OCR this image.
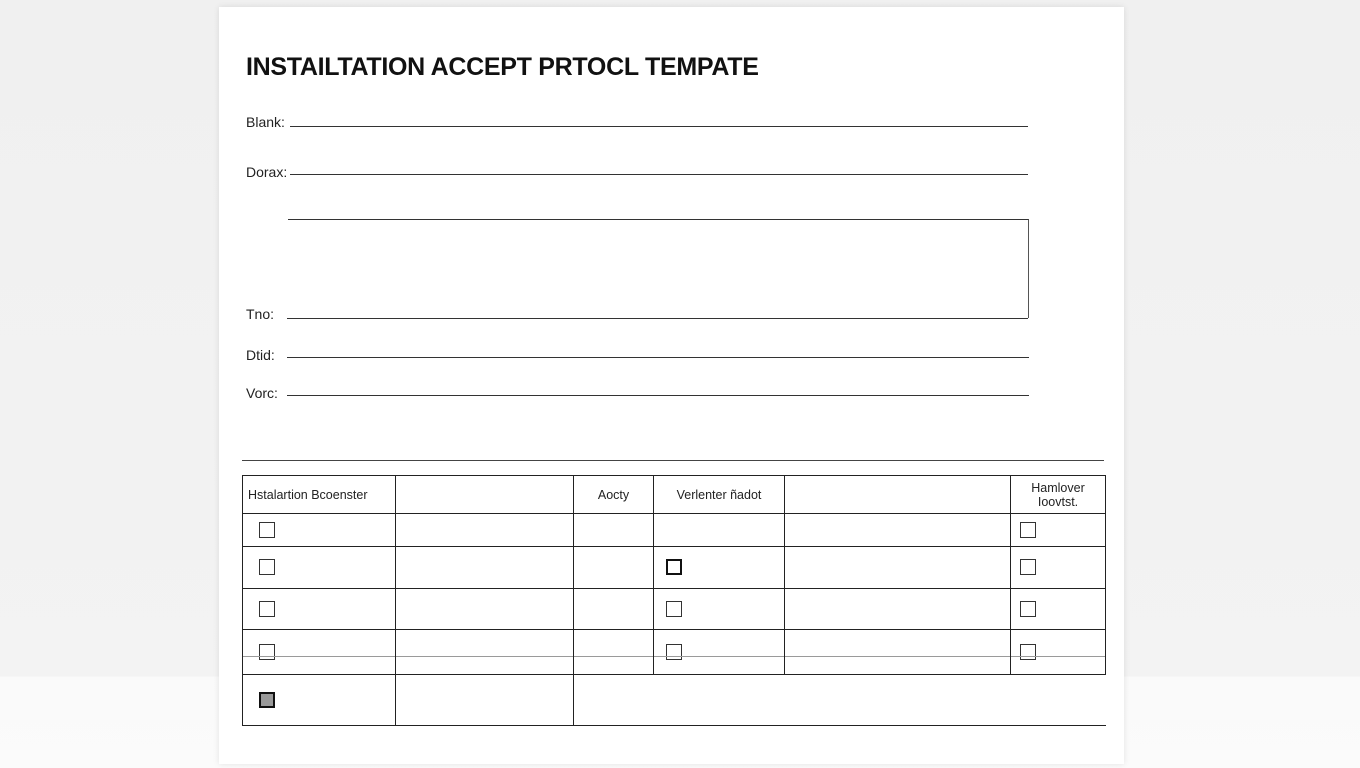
INSTAILTATION ACCEPT PRTOCL TEMPATE
Blank:
Dorax:
Tno:
Dtid:
Vorc:
Hstalartion Bcoenster		Aocty	Verlenter ñadot		Hamlover Ioovtst.
